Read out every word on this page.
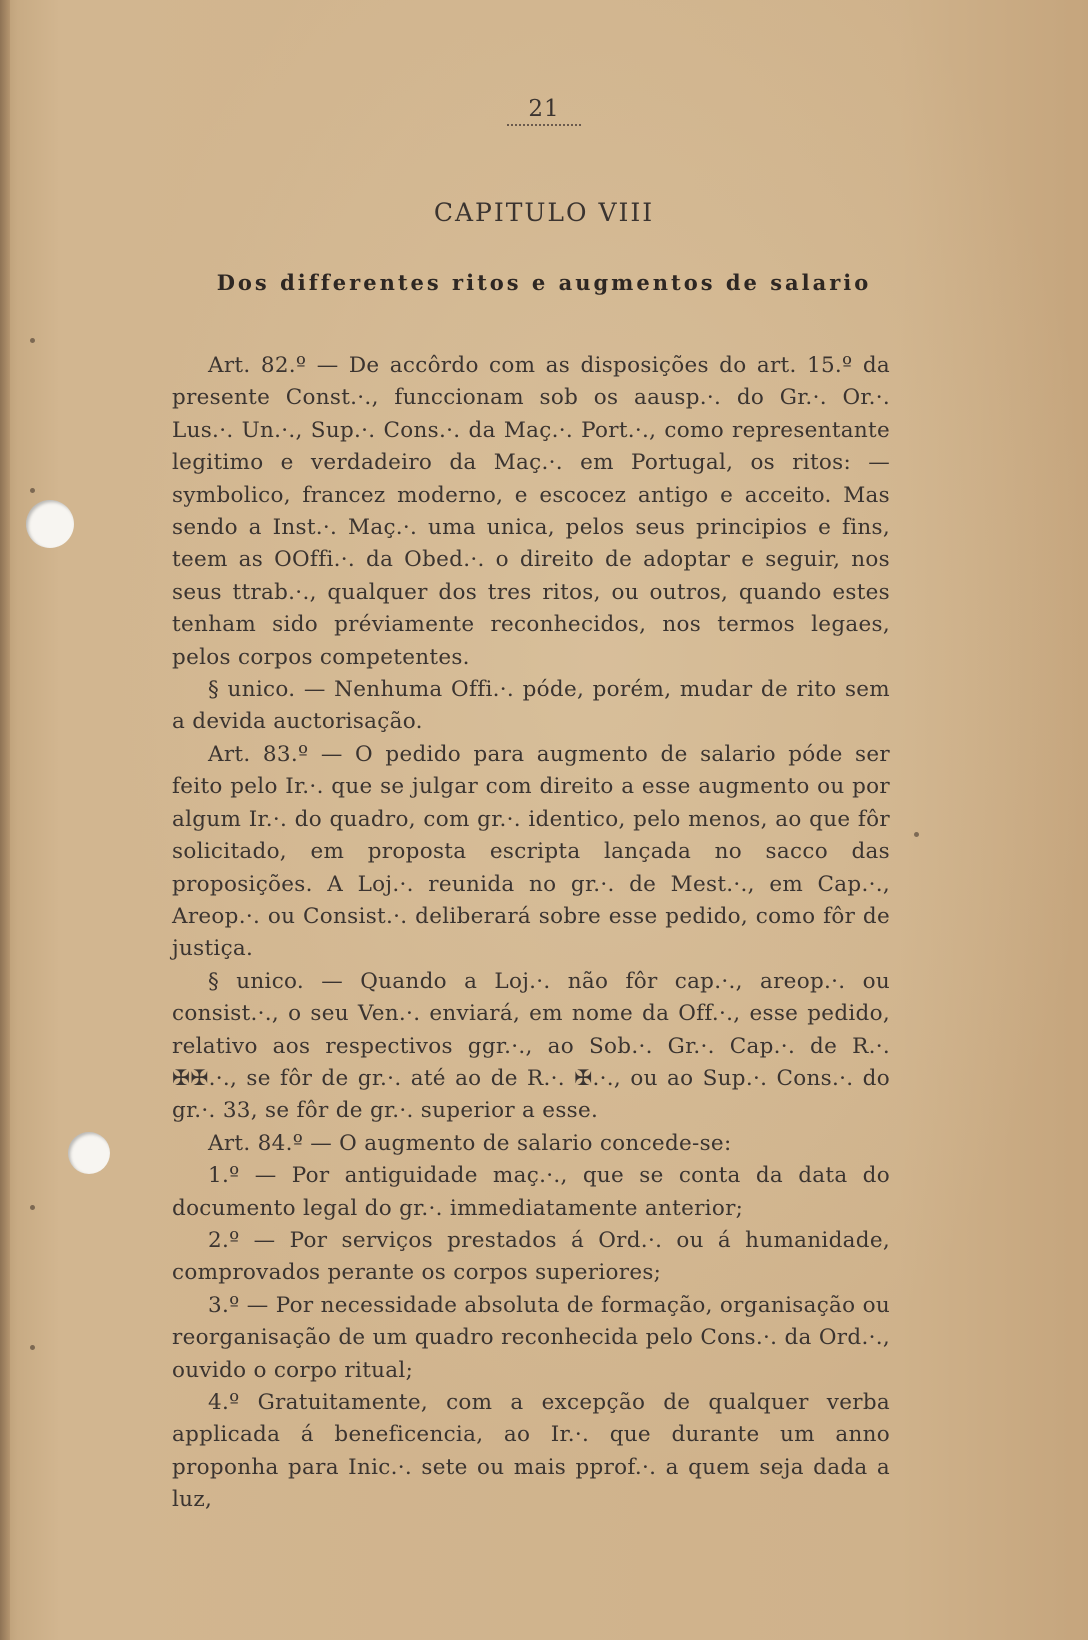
21
CAPITULO VIII
Dos differentes ritos e augmentos de salario

Art. 82.º — De accôrdo com as disposições do art. 15.º da presente Const.·., funccionam sob os aausp.·. do Gr.·. Or.·. Lus.·. Un.·., Sup.·. Cons.·. da Maç.·. Port.·., como representante legitimo e verdadeiro da Maç.·. em Portugal, os ritos: — symbolico, francez moderno, e escocez antigo e acceito. Mas sendo a Inst.·. Maç.·. uma unica, pelos seus principios e fins, teem as OOffi.·. da Obed.·. o direito de adoptar e seguir, nos seus ttrab.·., qualquer dos tres ritos, ou outros, quando estes tenham sido préviamente reconhecidos, nos termos legaes, pelos corpos competentes.

§ unico. — Nenhuma Offi.·. póde, porém, mudar de rito sem a devida auctorisação.

Art. 83.º — O pedido para augmento de salario póde ser feito pelo Ir.·. que se julgar com direito a esse augmento ou por algum Ir.·. do quadro, com gr.·. identico, pelo menos, ao que fôr solicitado, em proposta escripta lançada no sacco das proposições. A Loj.·. reunida no gr.·. de Mest.·., em Cap.·., Areop.·. ou Consist.·. deliberará sobre esse pedido, como fôr de justiça.

§ unico. — Quando a Loj.·. não fôr cap.·., areop.·. ou consist.·., o seu Ven.·. enviará, em nome da Off.·., esse pedido, relativo aos respectivos ggr.·., ao Sob.·. Gr.·. Cap.·. de R.·. ✠✠.·., se fôr de gr.·. até ao de R.·. ✠.·., ou ao Sup.·. Cons.·. do gr.·. 33, se fôr de gr.·. superior a esse.

Art. 84.º — O augmento de salario concede-se:

1.º — Por antiguidade maç.·., que se conta da data do documento legal do gr.·. immediatamente anterior;

2.º — Por serviços prestados á Ord.·. ou á humanidade, comprovados perante os corpos superiores;

3.º — Por necessidade absoluta de formação, organisação ou reorganisação de um quadro reconhecida pelo Cons.·. da Ord.·., ouvido o corpo ritual;

4.º Gratuitamente, com a excepção de qualquer verba applicada á beneficencia, ao Ir.·. que durante um anno proponha para Inic.·. sete ou mais pprof.·. a quem seja dada a luz,
